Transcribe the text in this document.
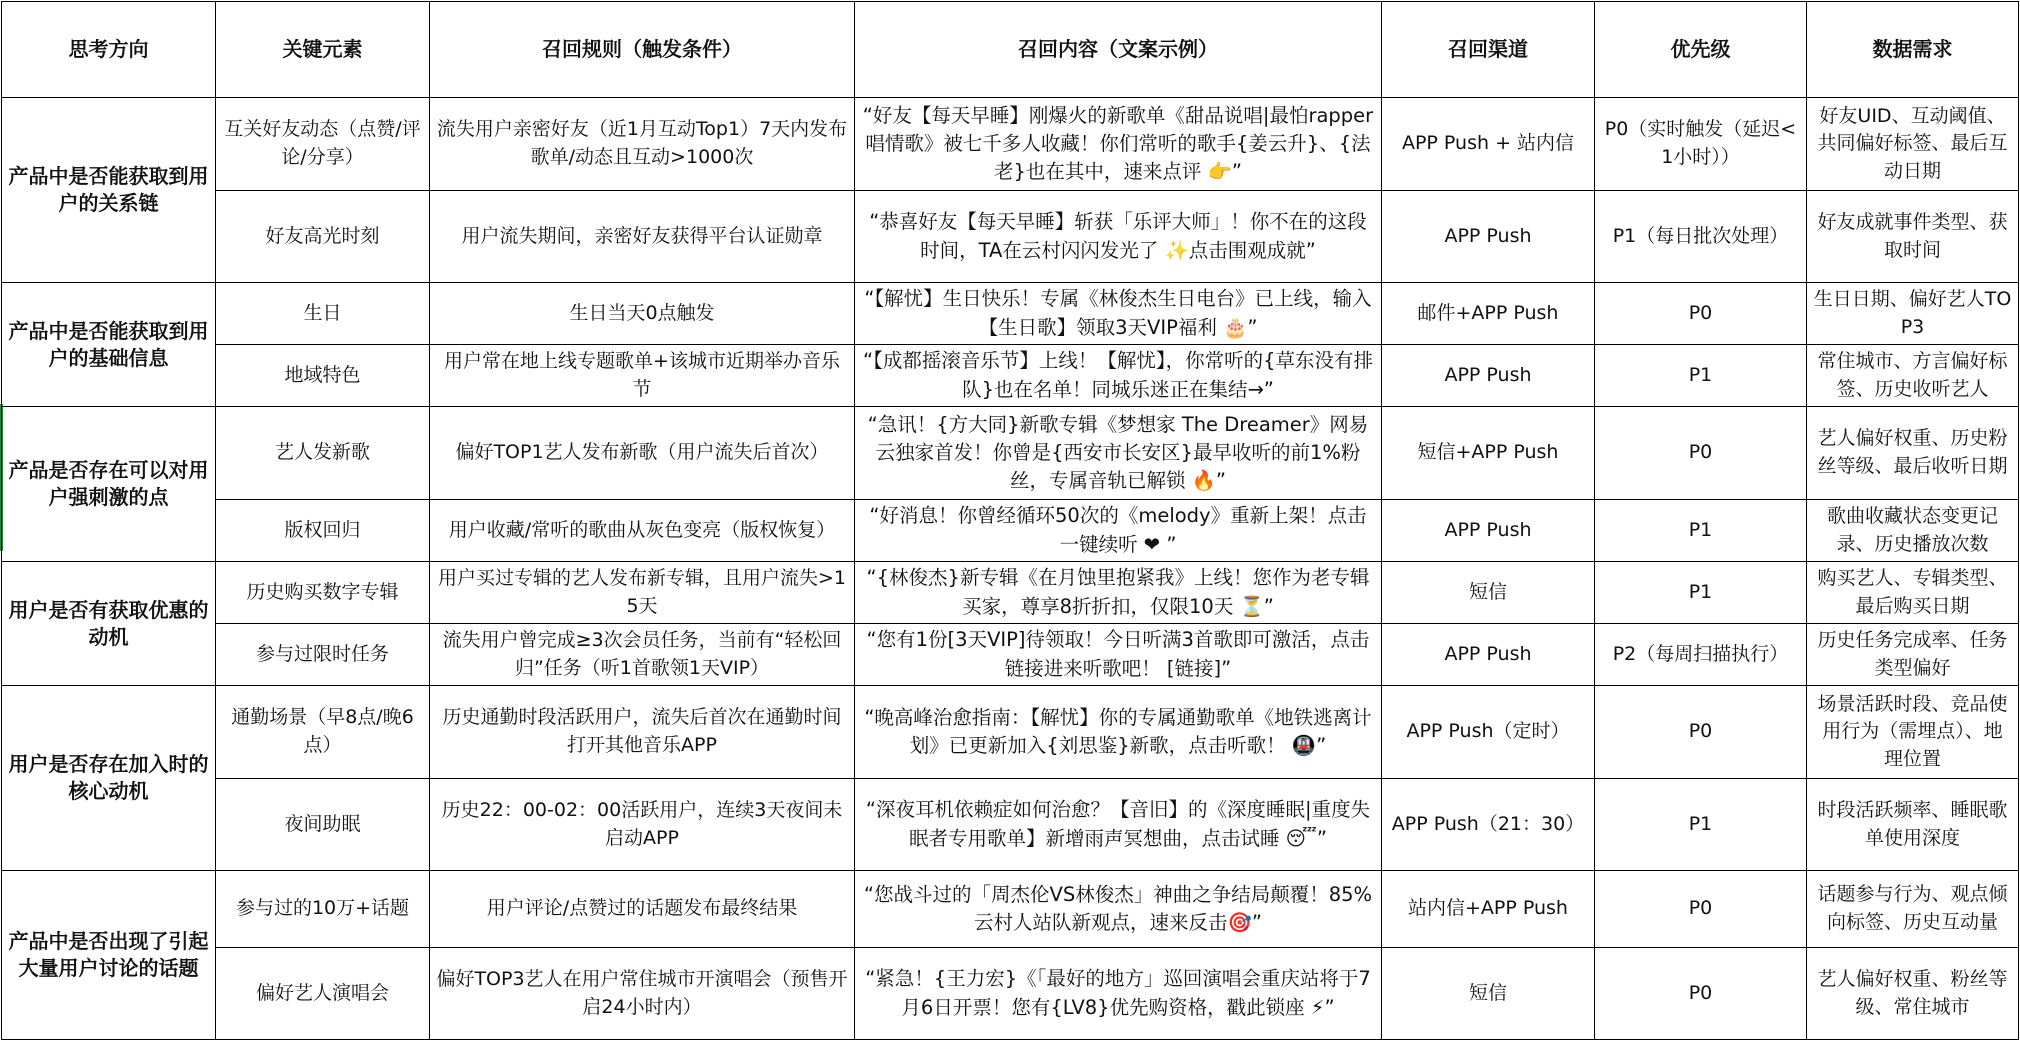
思考方向	关键元素	召回规则（触发条件）	召回内容（文案示例）	召回渠道	优先级	数据需求
产品中是否能获取到用户的关系链	互关好友动态（点赞/评论/分享）	流失用户亲密好友（近1月互动Top1）7天内发布歌单/动态且互动>1000次	“好友【每天早睡】刚爆火的新歌单《甜品说唱|最怕rapper唱情歌》被七千多人收藏！你们常听的歌手{姜云升}、{法老}也在其中，速来点评 👉”	APP Push + 站内信	P0（实时触发（延迟<1小时））	好友UID、互动阈值、共同偏好标签、最后互动日期
	好友高光时刻	用户流失期间，亲密好友获得平台认证勋章	“恭喜好友【每天早睡】斩获「乐评大师」！你不在的这段时间，TA在云村闪闪发光了 ✨点击围观成就”	APP Push	P1（每日批次处理）	好友成就事件类型、获取时间
产品中是否能获取到用户的基础信息	生日	生日当天0点触发	“【解忧】生日快乐！专属《林俊杰生日电台》已上线，输入【生日歌】领取3天VIP福利 🎂”	邮件+APP Push	P0	生日日期、偏好艺人TOP3
	地域特色	用户常在地上线专题歌单+该城市近期举办音乐节	“【成都摇滚音乐节】上线！【解忧】，你常听的{草东没有排队}也在名单！同城乐迷正在集结→”	APP Push	P1	常住城市、方言偏好标签、历史收听艺人
产品是否存在可以对用户强刺激的点	艺人发新歌	偏好TOP1艺人发布新歌（用户流失后首次）	“急讯！{方大同}新歌专辑《梦想家 The Dreamer》网易云独家首发！你曾是{西安市长安区}最早收听的前1%粉丝，专属音轨已解锁 🔥”	短信+APP Push	P0	艺人偏好权重、历史粉丝等级、最后收听日期
	版权回归	用户收藏/常听的歌曲从灰色变亮（版权恢复）	“好消息！你曾经循环50次的《melody》重新上架！点击一键续听 ❤ ”	APP Push	P1	歌曲收藏状态变更记录、历史播放次数
用户是否有获取优惠的动机	历史购买数字专辑	用户买过专辑的艺人发布新专辑，且用户流失>15天	“{林俊杰}新专辑《在月蚀里抱紧我》上线！您作为老专辑买家，尊享8折折扣，仅限10天 ⏳”	短信	P1	购买艺人、专辑类型、最后购买日期
	参与过限时任务	流失用户曾完成≥3次会员任务，当前有“轻松回归”任务（听1首歌领1天VIP）	“您有1份[3天VIP]待领取！今日听满3首歌即可激活，点击链接进来听歌吧！ [链接]”	APP Push	P2（每周扫描执行）	历史任务完成率、任务类型偏好
用户是否存在加入时的核心动机	通勤场景（早8点/晚6点）	历史通勤时段活跃用户，流失后首次在通勤时间打开其他音乐APP	“晚高峰治愈指南：【解忧】你的专属通勤歌单《地铁逃离计划》已更新加入{刘思鉴}新歌，点击听歌！ 🚇”	APP Push（定时）	P0	场景活跃时段、竞品使用行为（需埋点）、地理位置
	夜间助眠	历史22：00-02：00活跃用户，连续3天夜间未启动APP	“深夜耳机依赖症如何治愈？【音旧】的《深度睡眠|重度失眠者专用歌单】新增雨声冥想曲，点击试睡 😴”	APP Push（21：30）	P1	时段活跃频率、睡眠歌单使用深度
产品中是否出现了引起大量用户讨论的话题	参与过的10万+话题	用户评论/点赞过的话题发布最终结果	“您战斗过的「周杰伦VS林俊杰」神曲之争结局颠覆！85%云村人站队新观点，速来反击🎯”	站内信+APP Push	P0	话题参与行为、观点倾向标签、历史互动量
	偏好艺人演唱会	偏好TOP3艺人在用户常住城市开演唱会（预售开启24小时内）	“紧急！{王力宏}《「最好的地方」巡回演唱会重庆站将于7月6日开票！您有{LV8}优先购资格，戳此锁座 ⚡”	短信	P0	艺人偏好权重、粉丝等级、常住城市
